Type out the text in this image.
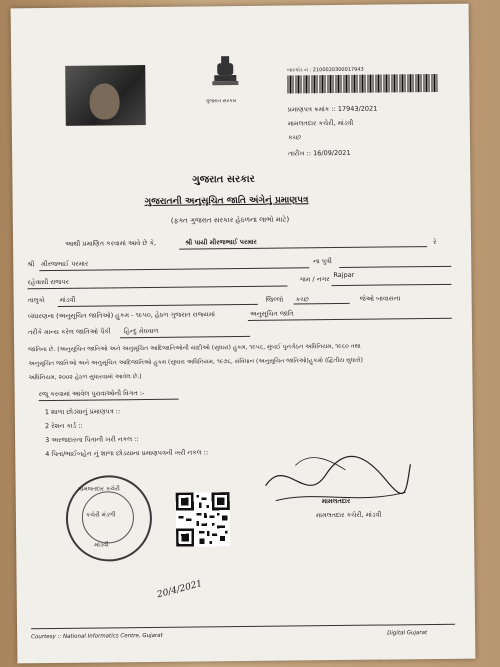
ગુજરાત સરકાર
બારકોડ નં : 2100020300017943
પ્રમાણપત્ર ક્રમાંક :: 17943/2021
મામલતદાર કચેરી, માંડવી
કચ્છ
તારીખ :: 16/09/2021
ગુજરાત સરકાર
ગુજરાતની અનુસૂચિત જાતિ અંગેનું પ્રમાણપત્ર
(ફક્ત ગુજરાત સરકાર હેઠળના લાભો માટે)
આથી પ્રમાણિત કરવામાં આવે છે કે,	શ્રી પાયી મીરજભાઈ પરમાર	રે
શ્રી મીરજભાઈ પરમાર	ના પુત્રી
રહેવાસી રાજપર	ગામ / નગર
Rajpar
તાલુકો માંડવી	જિલ્લો કચ્છ	જેઓ બાવાસના
બંધારણના (અનુસૂચિત જાતિઓ) હુકમ - ૧૯૫૦, હેઠળ ગુજરાત રાજ્યમાં	અનુસૂચિત જાતિ
તરીકે માન્ય કરેલ જાતિઓ પૈકી હિન્દુ મેઘવાળ
જાતિના છે. (અનુસૂચિત જાતિઓ અને અનુસૂચિત આદિજાતિઓની યાદીઓ (સુધારા) હુકમ, ૧૯૫૬, મુંબઈ પુનર્ગઠન અધિનિયમ, ૧૯૬૦ તથા
અનુસૂચિત જાતિઓ અને અનુસૂચિત આદિજાતિઓ હુકમ (સુધારા અધિનિયમ, ૧૯૭૬, સંવિધાન (અનુસૂચિત જાતિઓ)હુકમો (દ્વિતીય સુધારો)
અધિનિયમ, ૨૦૦૨ હેઠળ સુધારવામાં આવેલ છે.)
રજૂ કરવામાં આવેલ પુરાવાઓની વિગત :-
1 શાળા છોડ્યાનું પ્રમાણપત્ર ::
2 રેશન કાર્ડ ::
3 અરજદારના પિતાની ખરી નકલ ::
4 પિતા/ભાઈબહેન નું શાળા છોડયાના પ્રમાણપત્રની ખરી નકલ ::
મામલતદાર
મામલતદાર કચેરી, માંડવી
મામલતદાર કચેરી
કચેરી મંડળી
માંડવી
20/4/2021
Courtesy :: National Informatics Centre, Gujarat	Digital Gujarat
